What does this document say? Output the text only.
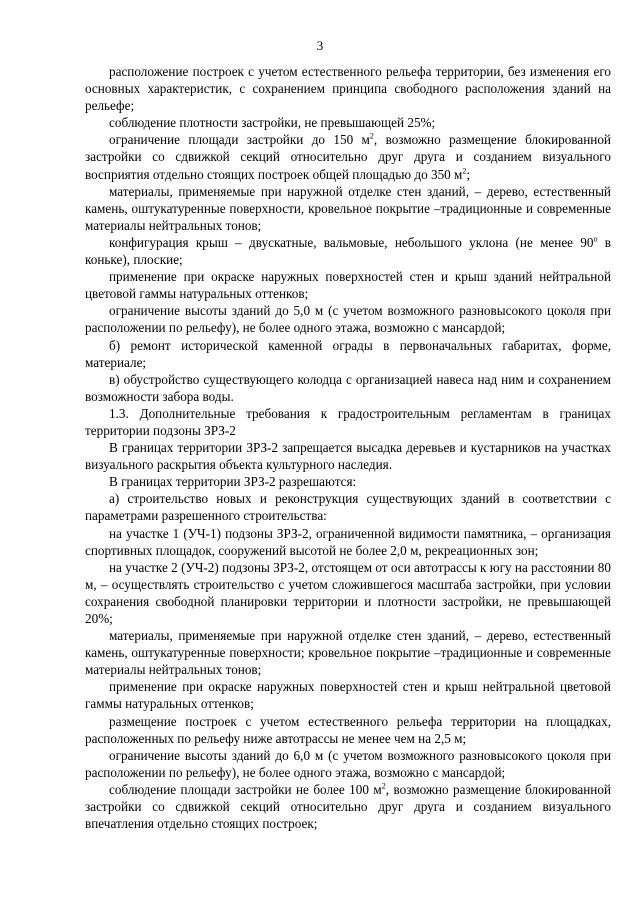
3

расположение построек с учетом естественного рельефа территории, без изменения его основных характеристик, с сохранением принципа свободного расположения зданий на рельефе;

соблюдение плотности застройки, не превышающей 25%;

ограничение площади застройки до 150 $м^2$, возможно размещение блокированной застройки со сдвижкой секций относительно друг друга и созданием визуального восприятия отдельно стоящих построек общей площадью до 350 $м^2$;

материалы, применяемые при наружной отделке стен зданий, – дерево, естественный камень, оштукатуренные поверхности, кровельное покрытие –традиционные и современные материалы нейтральных тонов;

конфигурация крыш – двускатные, вальмовые, небольшого уклона (не менее $90^о$ в коньке), плоские;

применение при окраске наружных поверхностей стен и крыш зданий нейтральной цветовой гаммы натуральных оттенков;

ограничение высоты зданий до 5,0 м (с учетом возможного разновысокого цоколя при расположении по рельефу), не более одного этажа, возможно с мансардой;

б) ремонт исторической каменной ограды в первоначальных габаритах, форме, материале;

в) обустройство существующего колодца с организацией навеса над ним и сохранением возможности забора воды.

1.3. Дополнительные требования к градостроительным регламентам в границах территории подзоны ЗРЗ-2

В границах территории ЗРЗ-2 запрещается высадка деревьев и кустарников на участках визуального раскрытия объекта культурного наследия.

В границах территории ЗРЗ-2 разрешаются:

а) строительство новых и реконструкция существующих зданий в соответствии с параметрами разрешенного строительства:

на участке 1 (УЧ-1) подзоны ЗРЗ-2, ограниченной видимости памятника, – организация спортивных площадок, сооружений высотой не более 2,0 м, рекреационных зон;

на участке 2 (УЧ-2) подзоны ЗРЗ-2, отстоящем от оси автотрассы к югу на расстоянии 80 м, – осуществлять строительство с учетом сложившегося масштаба застройки, при условии сохранения свободной планировки территории и плотности застройки, не превышающей 20%;

материалы, применяемые при наружной отделке стен зданий, – дерево, естественный камень, оштукатуренные поверхности; кровельное покрытие –традиционные и современные материалы нейтральных тонов;

применение при окраске наружных поверхностей стен и крыш нейтральной цветовой гаммы натуральных оттенков;

размещение построек с учетом естественного рельефа территории на площадках, расположенных по рельефу ниже автотрассы не менее чем на 2,5 м;

ограничение высоты зданий до 6,0 м (с учетом возможного разновысокого цоколя при расположении по рельефу), не более одного этажа, возможно с мансардой;

соблюдение площади застройки не более 100 $м^2$, возможно размещение блокированной застройки со сдвижкой секций относительно друг друга и созданием визуального впечатления отдельно стоящих построек;
